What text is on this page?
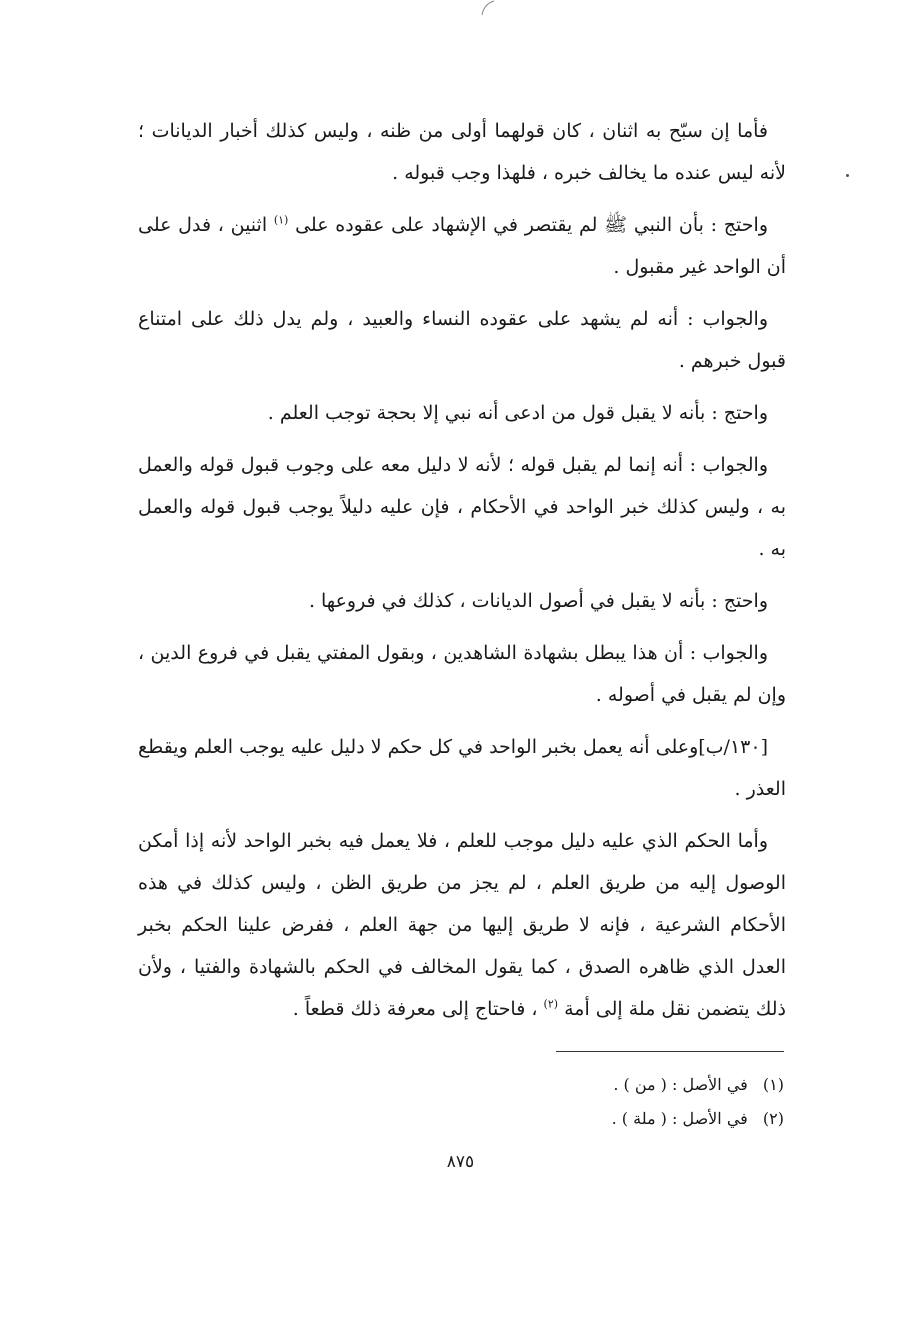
فأما إن سبّح به اثنان ، كان قولهما أولى من ظنه ، وليس كذلك أخبار الديانات ؛ لأنه ليس عنده ما يخالف خبره ، فلهذا وجب قبوله .

واحتج : بأن النبي ﷺ لم يقتصر في الإشهاد على عقوده على $^{(١)}$ اثنين ، فدل على أن الواحد غير مقبول .

والجواب : أنه لم يشهد على عقوده النساء والعبيد ، ولم يدل ذلك على امتناع قبول خبرهم .

واحتج : بأنه لا يقبل قول من ادعى أنه نبي إلا بحجة توجب العلم .

والجواب : أنه إنما لم يقبل قوله ؛ لأنه لا دليل معه على وجوب قبول قوله والعمل به ، وليس كذلك خبر الواحد في الأحكام ، فإن عليه دليلاً يوجب قبول قوله والعمل به .

واحتج : بأنه لا يقبل في أصول الديانات ، كذلك في فروعها .

والجواب : أن هذا يبطل بشهادة الشاهدين ، وبقول المفتي يقبل في فروع الدين ، وإن لم يقبل في أصوله .

[١٣٠/ب]وعلى أنه يعمل بخبر الواحد في كل حكم لا دليل عليه يوجب العلم ويقطع العذر .

وأما الحكم الذي عليه دليل موجب للعلم ، فلا يعمل فيه بخبر الواحد لأنه إذا أمكن الوصول إليه من طريق العلم ، لم يجز من طريق الظن ، وليس كذلك في هذه الأحكام الشرعية ، فإنه لا طريق إليها من جهة العلم ، ففرض علينا الحكم بخبر العدل الذي ظاهره الصدق ، كما يقول المخالف في الحكم بالشهادة والفتيا ، ولأن ذلك يتضمن نقل ملة إلى أمة $^{(٢)}$ ، فاحتاج إلى معرفة ذلك قطعاً .

(١) في الأصل : ( من ) .
(٢) في الأصل : ( ملة ) .
٨٧٥
